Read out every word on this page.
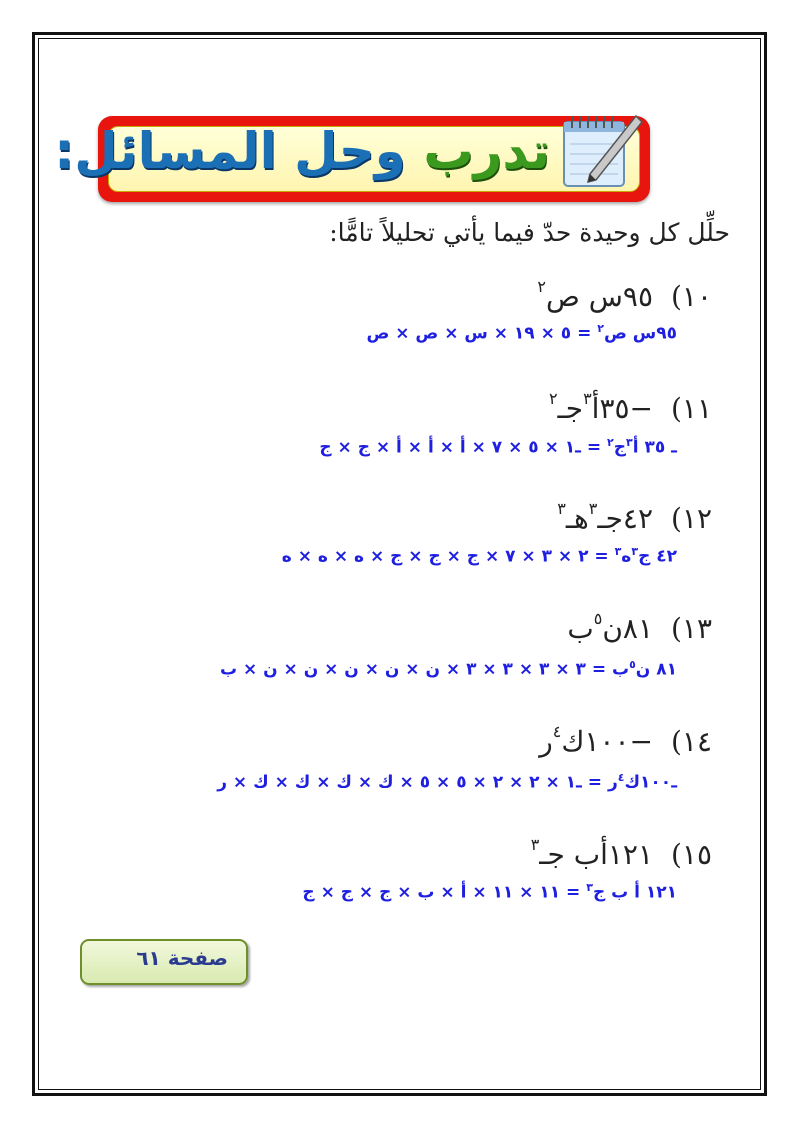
تدرب وحل المسائل:
حلِّل كل وحيدة حدّ فيما يأتي تحليلاً تامًّا:
١٠)٩٥س ص$^٢$
٩٥س ص$^٢$ = ٥ × ١٩ × س × ص × ص
١١)−٣٥أ$^٣$جـ$^٢$
ـ ٣٥ أ$^٣$ج$^٢$ = ـ١ × ٥ × ٧ × أ × أ × أ × ج × ج
١٢)٤٢جـ$^٣$هـ$^٣$
٤٢ ج$^٣$ه$^٣$ = ٢ × ٣ × ٧ × ج × ج × ج × ه × ه × ه
١٣)٨١ن$^٥$ب
٨١ ن$^٥$ب = ٣ × ٣ × ٣ × ٣ × ن × ن × ن × ن × ن × ب
١٤)−١٠٠ك$^٤$ر
ـ١٠٠ك$^٤$ر = ـ١ × ٢ × ٢ × ٥ × ٥ × ك × ك × ك × ك × ر
١٥)١٢١أب جـ$^٣$
١٢١ أ ب ج$^٣$ = ١١ × ١١ × أ × ب × ج × ج × ج
صفحة ٦١
